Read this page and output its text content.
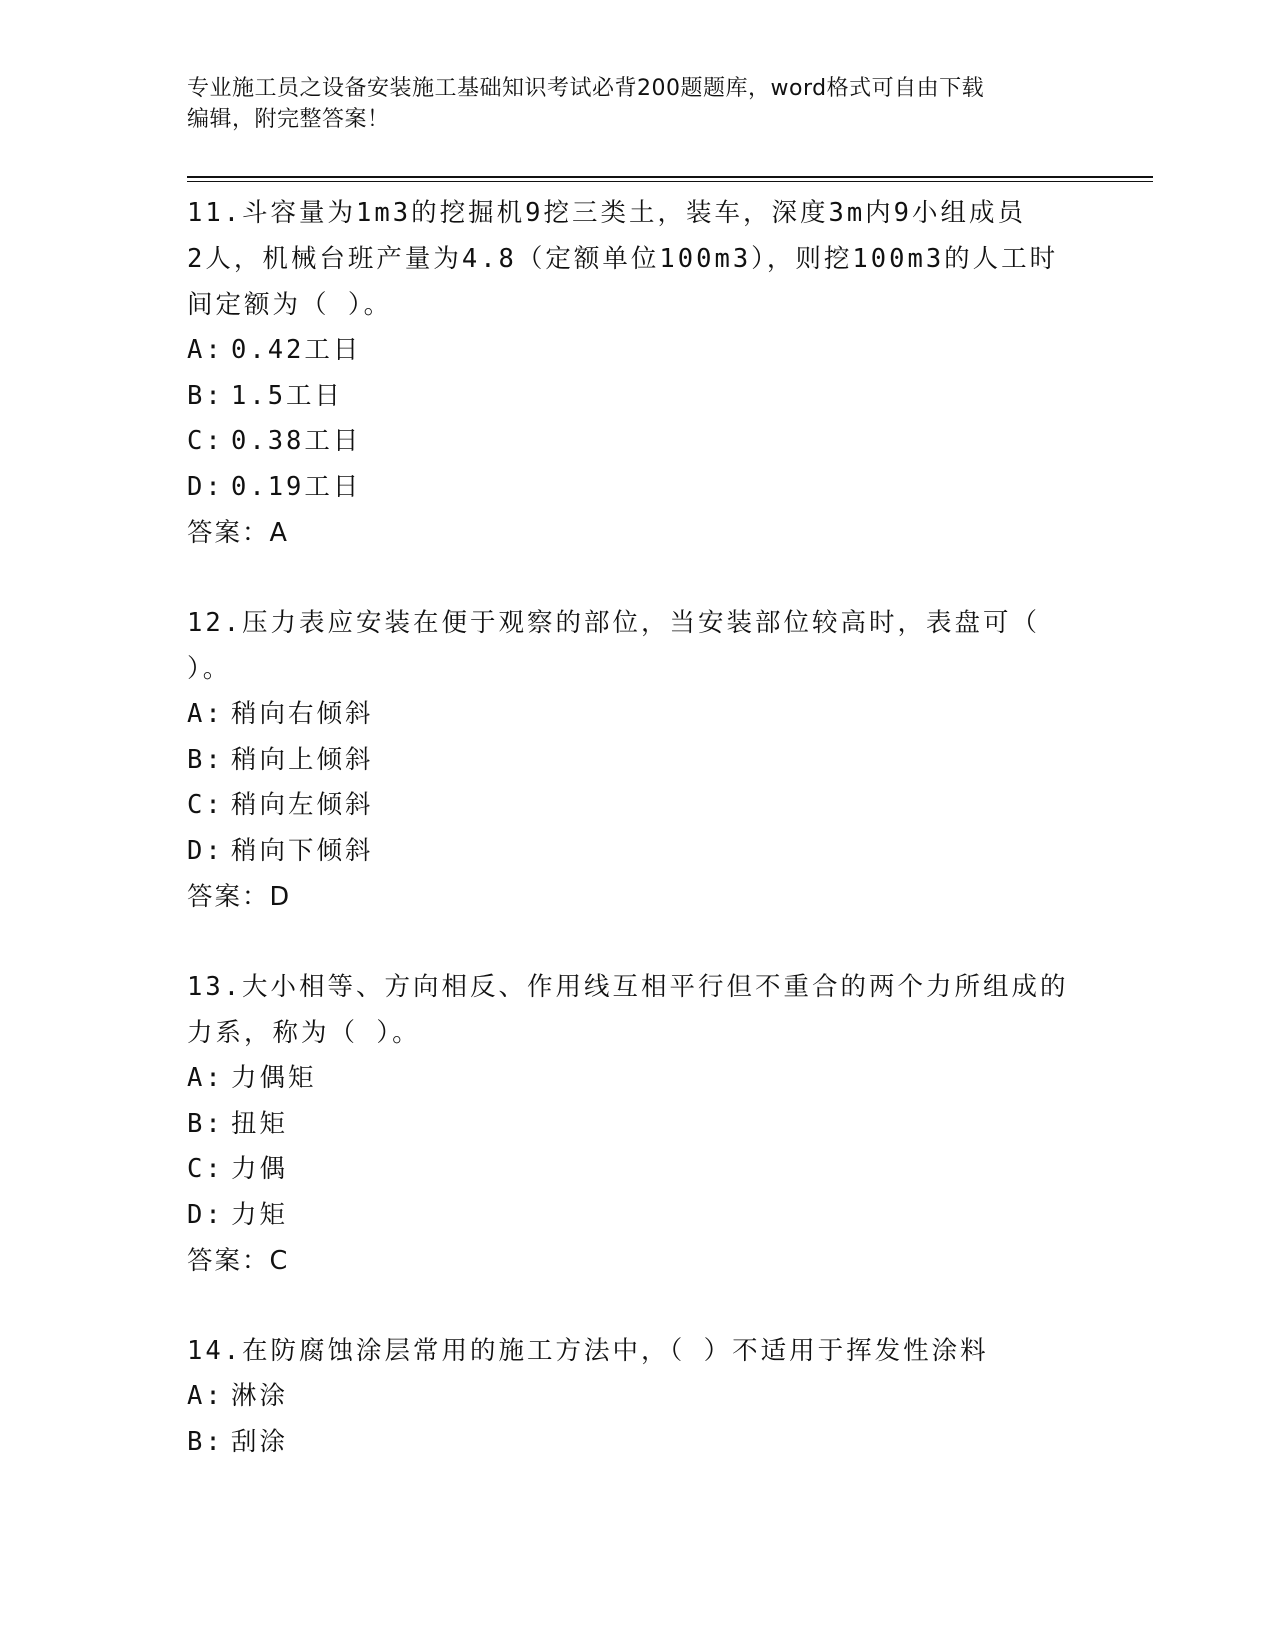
专业施工员之设备安装施工基础知识考试必背200题题库，word格式可自由下载
编辑，附完整答案！
11.斗容量为1m3的挖掘机9挖三类土，装车，深度3m内9小组成员
2人，机械台班产量为4.8（定额单位100m3），则挖100m3的人工时
间定额为（ ）。
A: 0.42工日
B: 1.5工日
C: 0.38工日
D: 0.19工日
答案：A
12.压力表应安装在便于观察的部位，当安装部位较高时，表盘可（
）。
A: 稍向右倾斜
B: 稍向上倾斜
C: 稍向左倾斜
D: 稍向下倾斜
答案：D
13.大小相等、方向相反、作用线互相平行但不重合的两个力所组成的
力系，称为（ ）。
A: 力偶矩
B: 扭矩
C: 力偶
D: 力矩
答案：C
14.在防腐蚀涂层常用的施工方法中，（ ）不适用于挥发性涂料
A: 淋涂
B: 刮涂
